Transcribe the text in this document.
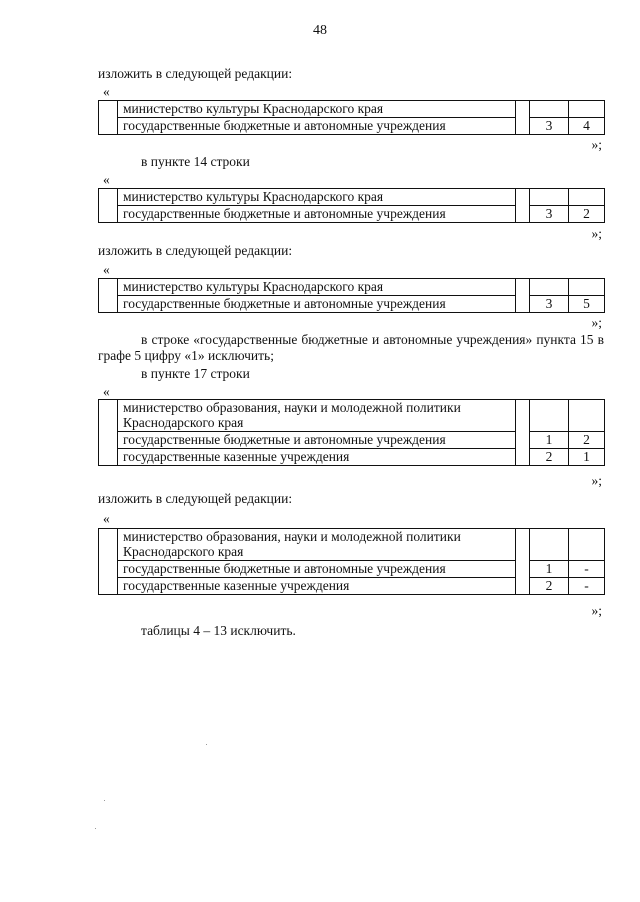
48
изложить в следующей редакции:
«
	министерство культуры Краснодарского края			
	государственные бюджетные и автономные учреждения		3	4
»;
в пункте 14 строки
«
	министерство культуры Краснодарского края			
	государственные бюджетные и автономные учреждения		3	2
»;
изложить в следующей редакции:
«
	министерство культуры Краснодарского края			
	государственные бюджетные и автономные учреждения		3	5
»;
в строке «государственные бюджетные и автономные учреждения» пункта 15 в графе 5 цифру «1» исключить;
в пункте 17 строки
«
	министерство образования, науки и молодежной политики Краснодарского края			
	государственные бюджетные и автономные учреждения		1	2
	государственные казенные учреждения		2	1
»;
изложить в следующей редакции:
«
	министерство образования, науки и молодежной политики Краснодарского края			
	государственные бюджетные и автономные учреждения		1	-
	государственные казенные учреждения		2	-
»;
таблицы 4 – 13 исключить.
